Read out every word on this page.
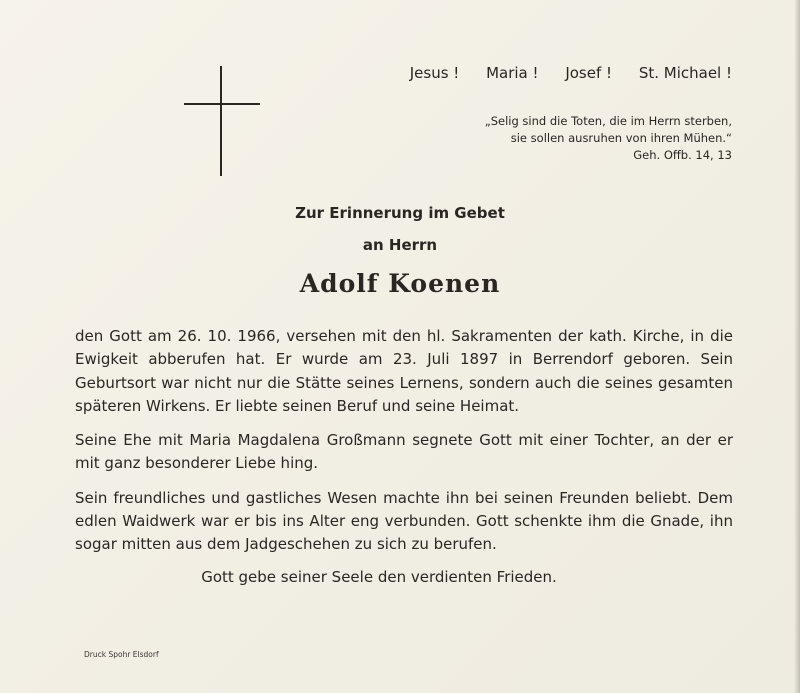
Jesus ! Maria ! Josef ! St. Michael !
„Selig sind die Toten, die im Herrn sterben,
sie sollen ausruhen von ihren Mühen.“
Geh. Offb. 14, 13
Zur Erinnerung im Gebet
an Herrn
Adolf Koenen

den Gott am 26. 10. 1966, versehen mit den hl. Sakramenten der kath. Kirche, in die Ewigkeit abberufen hat. Er wurde am 23. Juli 1897 in Berrendorf geboren. Sein Geburtsort war nicht nur die Stätte seines Lernens, sondern auch die seines gesamten späteren Wirkens. Er liebte seinen Beruf und seine Heimat.

Seine Ehe mit Maria Magdalena Großmann segnete Gott mit einer Tochter, an der er mit ganz besonderer Liebe hing.

Sein freundliches und gastliches Wesen machte ihn bei seinen Freunden beliebt. Dem edlen Waidwerk war er bis ins Alter eng verbunden. Gott schenkte ihm die Gnade, ihn sogar mitten aus dem Jadgeschehen zu sich zu berufen.

Gott gebe seiner Seele den verdienten Frieden.

Druck Spohr Elsdorf
